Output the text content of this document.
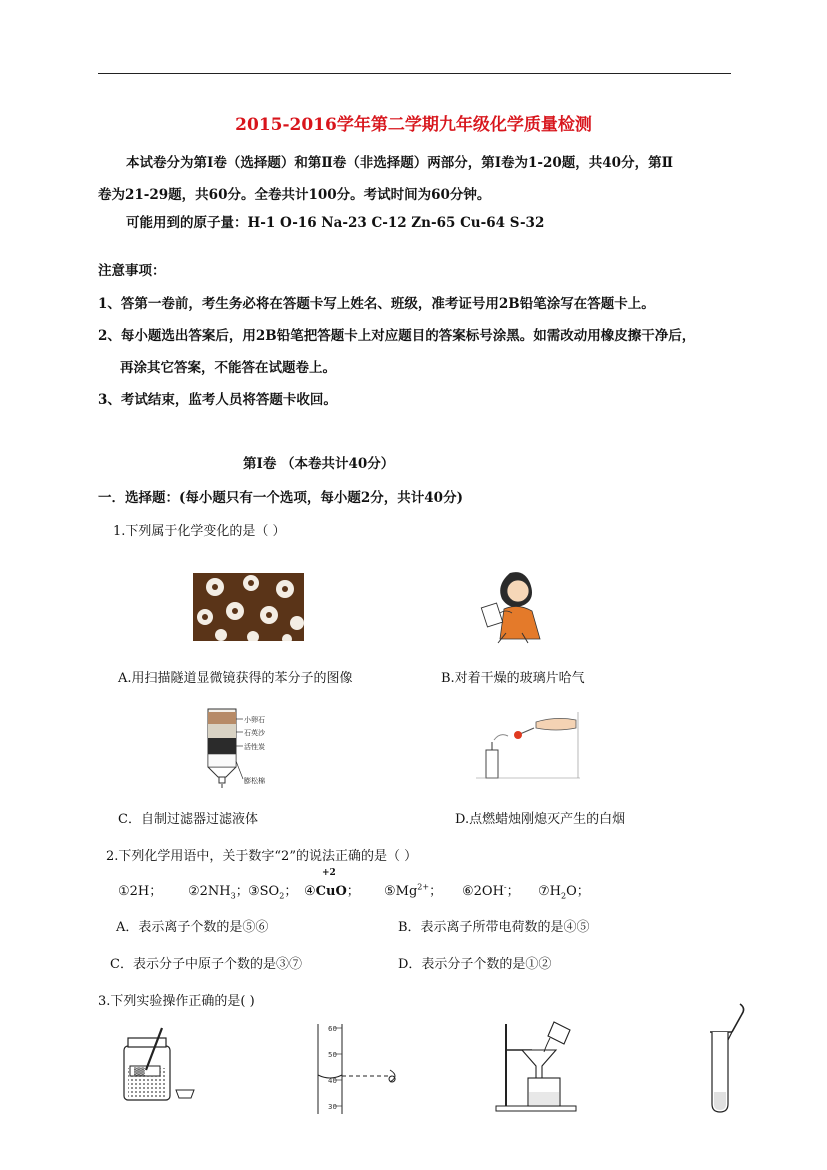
2015-2016学年第二学期九年级化学质量检测
本试卷分为第Ⅰ卷（选择题）和第Ⅱ卷（非选择题）两部分，第Ⅰ卷为1-20题，共40分，第Ⅱ
卷为21-29题，共60分。全卷共计100分。考试时间为60分钟。
可能用到的原子量：H-1 O-16 Na-23 C-12 Zn-65 Cu-64 S-32
注意事项：
1、答第一卷前，考生务必将在答题卡写上姓名、班级，准考证号用2B铅笔涂写在答题卡上。
2、每小题选出答案后，用2B铅笔把答题卡上对应题目的答案标号涂黑。如需改动用橡皮擦干净后，
再涂其它答案，不能答在试题卷上。
3、考试结束，监考人员将答题卡收回。
第Ⅰ卷 （本卷共计40分）
一．选择题：(每小题只有一个选项，每小题2分，共计40分)
1.下列属于化学变化的是（ ）
A.用扫描隧道显微镜获得的苯分子的图像	B.对着干燥的玻璃片哈气
小卵石
石英沙
活性炭
膨松棉
C．自制过滤器过滤液体	D.点燃蜡烛刚熄灭产生的白烟
2.下列化学用语中，关于数字“2”的说法正确的是（ ）
①2H； $②2NH_3$； $③SO_2$；
+2
④CuO； $⑤Mg^{2+}$； ⑥2OH-； $⑦H_2O$；
A．表示离子个数的是⑤⑥	B．表示离子所带电荷数的是④⑤
C．表示分子中原子个数的是③⑦	D．表示分子个数的是①②
3.下列实验操作正确的是( )
▒▒
60
50
40
30
